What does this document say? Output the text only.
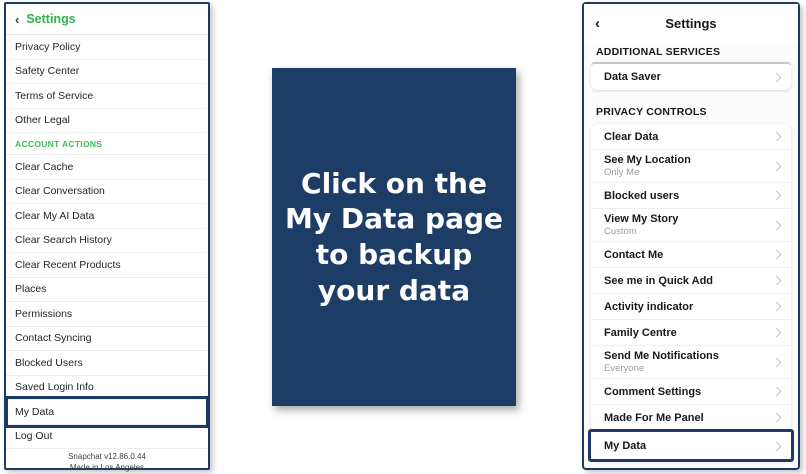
‹ Settings
Privacy Policy
Safety Center
Terms of Service
Other Legal
ACCOUNT ACTIONS
Clear Cache
Clear Conversation
Clear My AI Data
Clear Search History
Clear Recent Products
Places
Permissions
Contact Syncing
Blocked Users
Saved Login Info
My Data
Log Out
Snapchat v12.86.0.44
Made in Los Angeles
Click on the
My Data page
to backup
your data
‹	Settings
ADDITIONAL SERVICES
Data Saver
PRIVACY CONTROLS
Clear Data
See My Location
Only Me
Blocked users
View My Story
Custom
Contact Me
See me in Quick Add
Activity indicator
Family Centre
Send Me Notifications
Everyone
Comment Settings
Made For Me Panel
My Data
